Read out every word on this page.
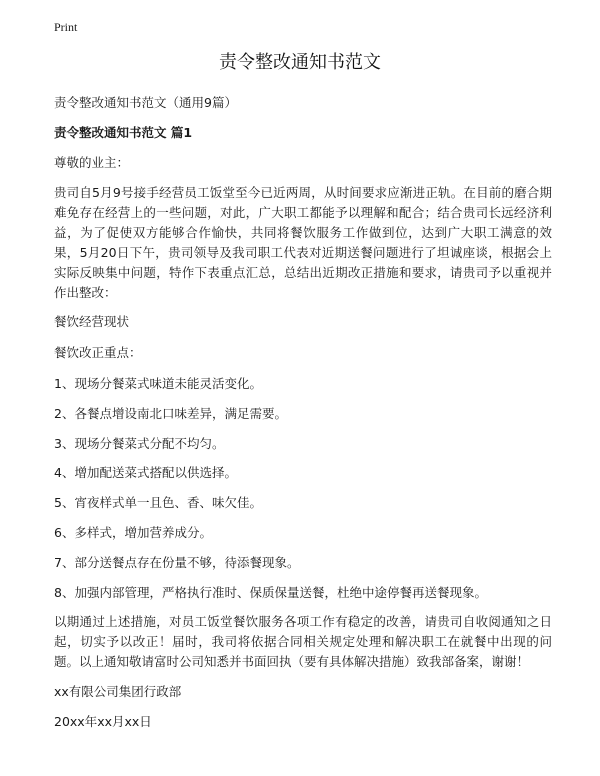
Print
责令整改通知书范文

责令整改通知书范文（通用9篇）

责令整改通知书范文 篇1

尊敬的业主：

贵司自5月9号接手经营员工饭堂至今已近两周，从时间要求应渐进正轨。在目前的磨合期难免存在经营上的一些问题，对此，广大职工都能予以理解和配合；结合贵司长远经济利益，为了促使双方能够合作愉快，共同将餐饮服务工作做到位，达到广大职工满意的效果，5月20日下午，贵司领导及我司职工代表对近期送餐问题进行了坦诚座谈，根据会上实际反映集中问题，特作下表重点汇总，总结出近期改正措施和要求，请贵司予以重视并作出整改：

餐饮经营现状

餐饮改正重点：

1、现场分餐菜式味道未能灵活变化。

2、各餐点增设南北口味差异，满足需要。

3、现场分餐菜式分配不均匀。

4、增加配送菜式搭配以供选择。

5、宵夜样式单一且色、香、味欠佳。

6、多样式，增加营养成分。

7、部分送餐点存在份量不够，待添餐现象。

8、加强内部管理，严格执行准时、保质保量送餐，杜绝中途停餐再送餐现象。

以期通过上述措施，对员工饭堂餐饮服务各项工作有稳定的改善，请贵司自收阅通知之日起，切实予以改正！届时，我司将依据合同相关规定处理和解决职工在就餐中出现的问题。以上通知敬请富时公司知悉并书面回执（要有具体解决措施）致我部备案，谢谢！

xx有限公司集团行政部

20xx年xx月xx日
